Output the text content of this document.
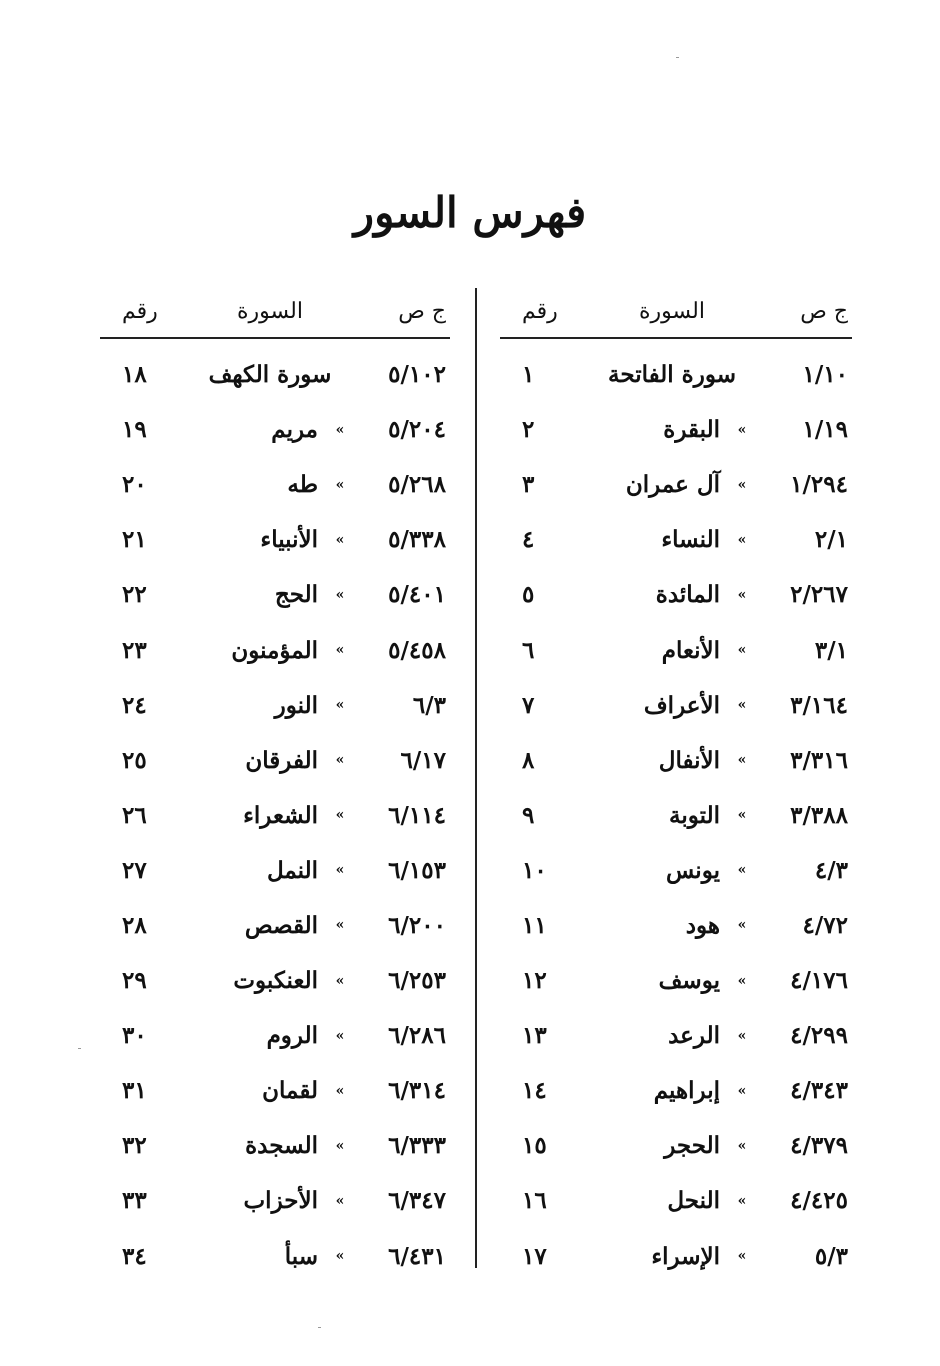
فهرس السور
ج ص
السورة
رقم
١/١٠
سورة الفاتحة
١
١/١٩
»
البقرة
٢
١/٢٩٤
»
آل عمران
٣
٢/١
»
النساء
٤
٢/٢٦٧
»
المائدة
٥
٣/١
»
الأنعام
٦
٣/١٦٤
»
الأعراف
٧
٣/٣١٦
»
الأنفال
٨
٣/٣٨٨
»
التوبة
٩
٤/٣
»
يونس
١٠
٤/٧٢
»
هود
١١
٤/١٧٦
»
يوسف
١٢
٤/٢٩٩
»
الرعد
١٣
٤/٣٤٣
»
إبراهيم
١٤
٤/٣٧٩
»
الحجر
١٥
٤/٤٢٥
»
النحل
١٦
٥/٣
»
الإسراء
١٧
ج ص
السورة
رقم
٥/١٠٢
سورة الكهف
١٨
٥/٢٠٤
»
مريم
١٩
٥/٢٦٨
»
طه
٢٠
٥/٣٣٨
»
الأنبياء
٢١
٥/٤٠١
»
الحج
٢٢
٥/٤٥٨
»
المؤمنون
٢٣
٦/٣
»
النور
٢٤
٦/١٧
»
الفرقان
٢٥
٦/١١٤
»
الشعراء
٢٦
٦/١٥٣
»
النمل
٢٧
٦/٢٠٠
»
القصص
٢٨
٦/٢٥٣
»
العنكبوت
٢٩
٦/٢٨٦
»
الروم
٣٠
٦/٣١٤
»
لقمان
٣١
٦/٣٣٣
»
السجدة
٣٢
٦/٣٤٧
»
الأحزاب
٣٣
٦/٤٣١
»
سبأ
٣٤
